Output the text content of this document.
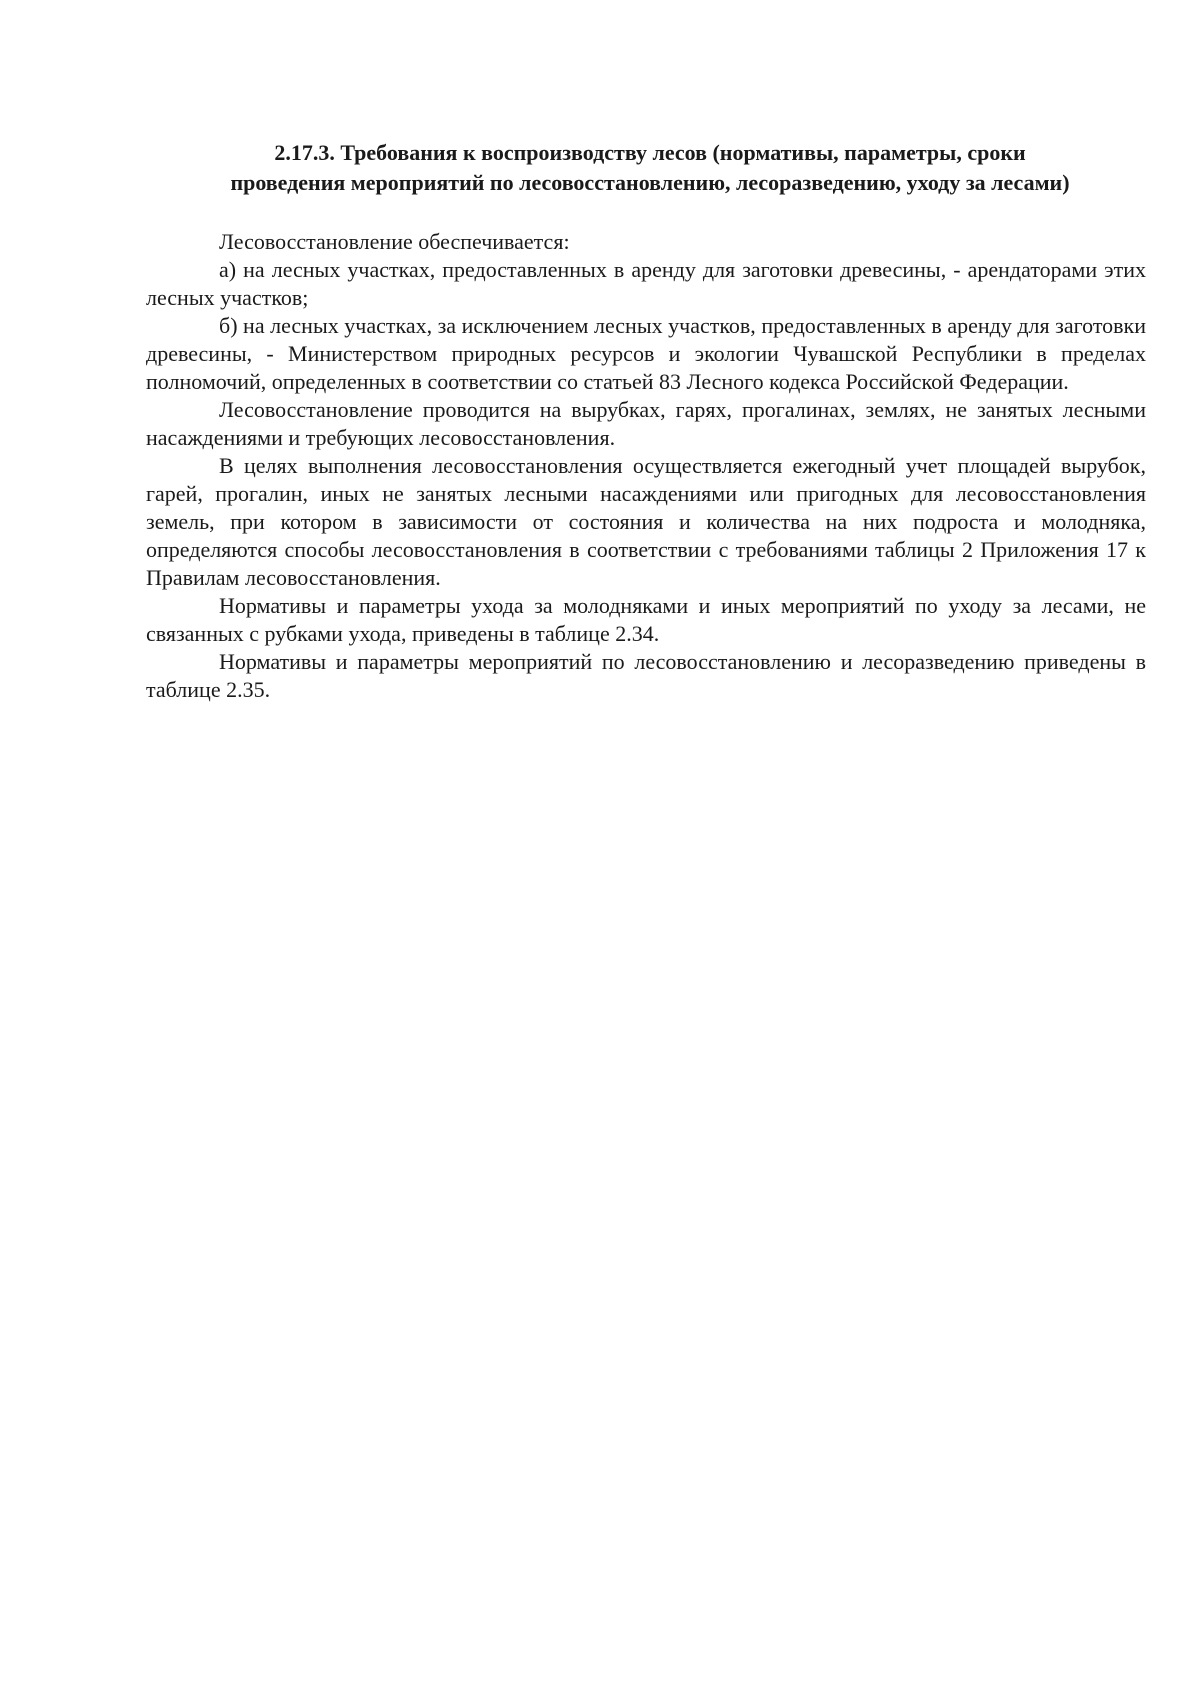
2.17.3. Требования к воспроизводству лесов (нормативы, параметры, сроки
проведения мероприятий по лесовосстановлению, лесоразведению, уходу за лесами)

Лесовосстановление обеспечивается:

а) на лесных участках, предоставленных в аренду для заготовки древесины, - арендаторами этих лесных участков;

б) на лесных участках, за исключением лесных участков, предоставленных в аренду для заготовки древесины, - Министерством природных ресурсов и экологии Чувашской Республики в пределах полномочий, определенных в соответствии со статьей 83 Лесного кодекса Российской Федерации.

Лесовосстановление проводится на вырубках, гарях, прогалинах, землях, не занятых лесными насаждениями и требующих лесовосстановления.

В целях выполнения лесовосстановления осуществляется ежегодный учет площадей вырубок, гарей, прогалин, иных не занятых лесными насаждениями или пригодных для лесовосстановления земель, при котором в зависимости от состояния и количества на них подроста и молодняка, определяются способы лесовосстановления в соответствии с требованиями таблицы 2 Приложения 17 к Правилам лесовосстановления.

Нормативы и параметры ухода за молодняками и иных мероприятий по уходу за лесами, не связанных с рубками ухода, приведены в таблице 2.34.

Нормативы и параметры мероприятий по лесовосстановлению и лесоразведению приведены в таблице 2.35.
